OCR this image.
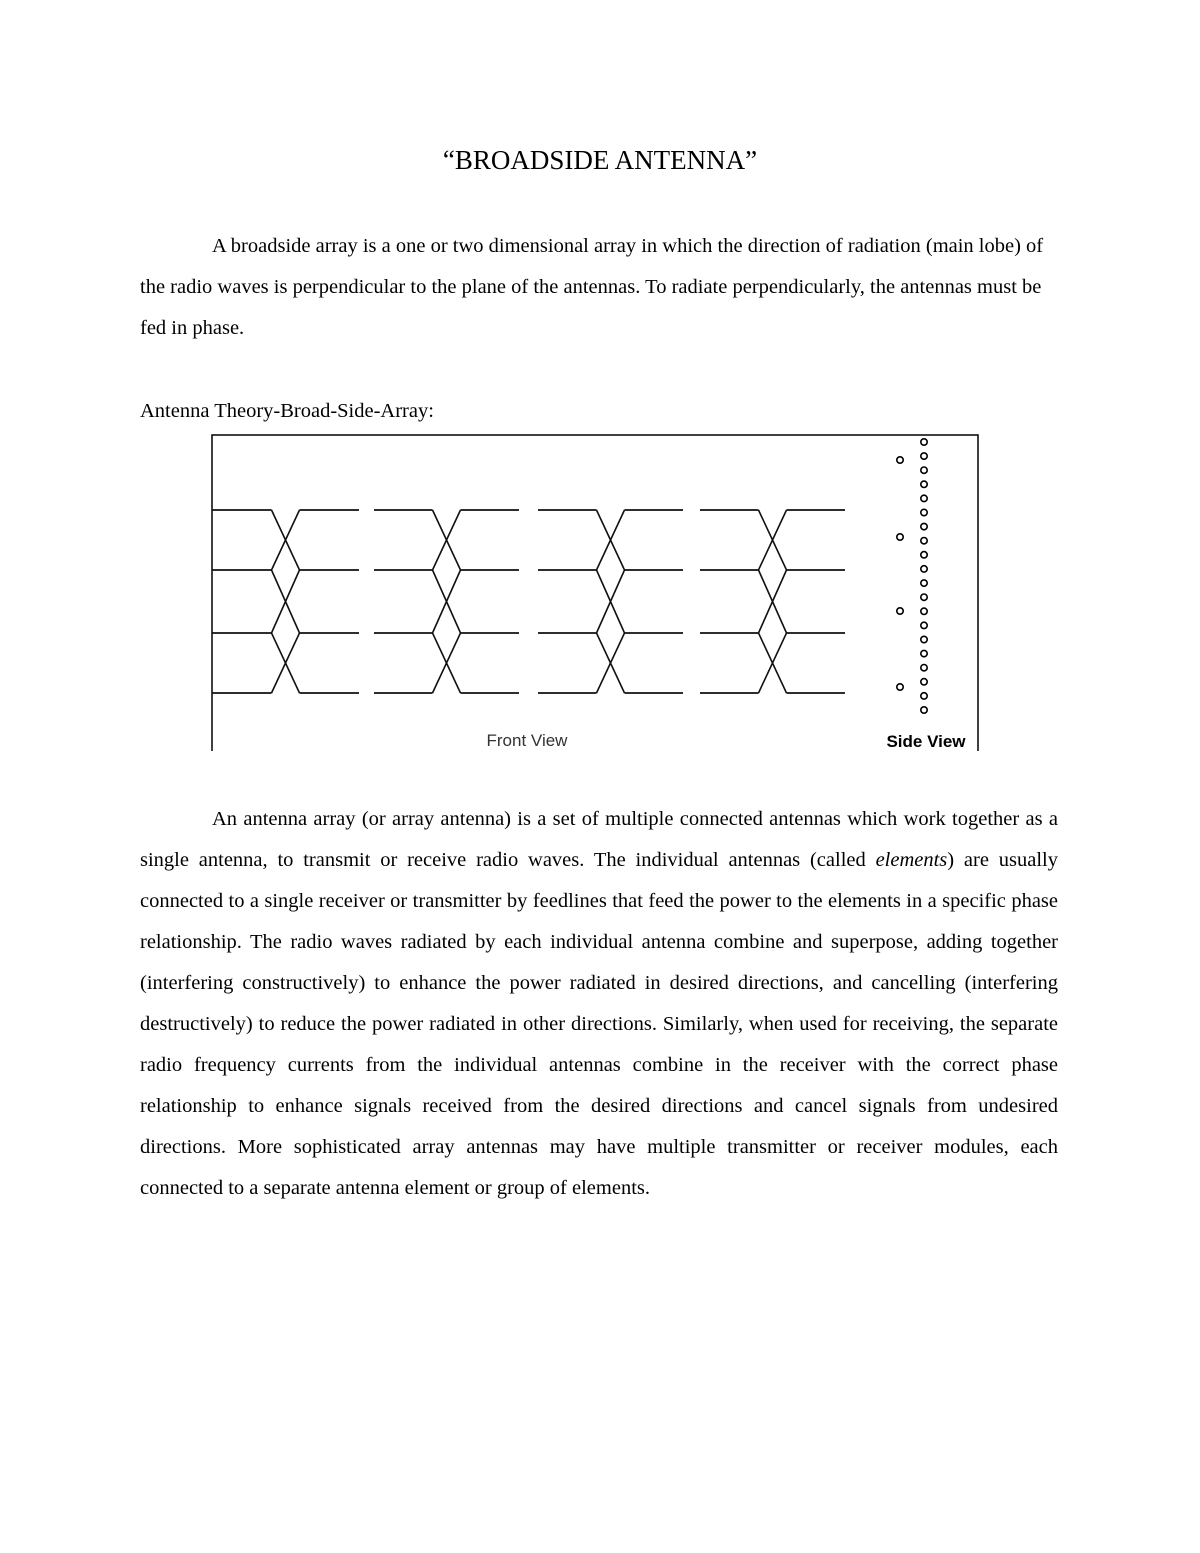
“BROADSIDE ANTENNA”

A broadside array is a one or two dimensional array in which the direction of radiation (main lobe) of the radio waves is perpendicular to the plane of the antennas. To radiate perpendicularly, the antennas must be fed in phase.

Antenna Theory-Broad-Side-Array:
Front View	Side View

An antenna array (or array antenna) is a set of multiple connected antennas which work together as a single antenna, to transmit or receive radio waves. The individual antennas (called elements) are usually connected to a single receiver or transmitter by feedlines that feed the power to the elements in a specific phase relationship. The radio waves radiated by each individual antenna combine and superpose, adding together (interfering constructively) to enhance the power radiated in desired directions, and cancelling (interfering destructively) to reduce the power radiated in other directions. Similarly, when used for receiving, the separate radio frequency currents from the individual antennas combine in the receiver with the correct phase relationship to enhance signals received from the desired directions and cancel signals from undesired directions. More sophisticated array antennas may have multiple transmitter or receiver modules, each connected to a separate antenna element or group of elements.
